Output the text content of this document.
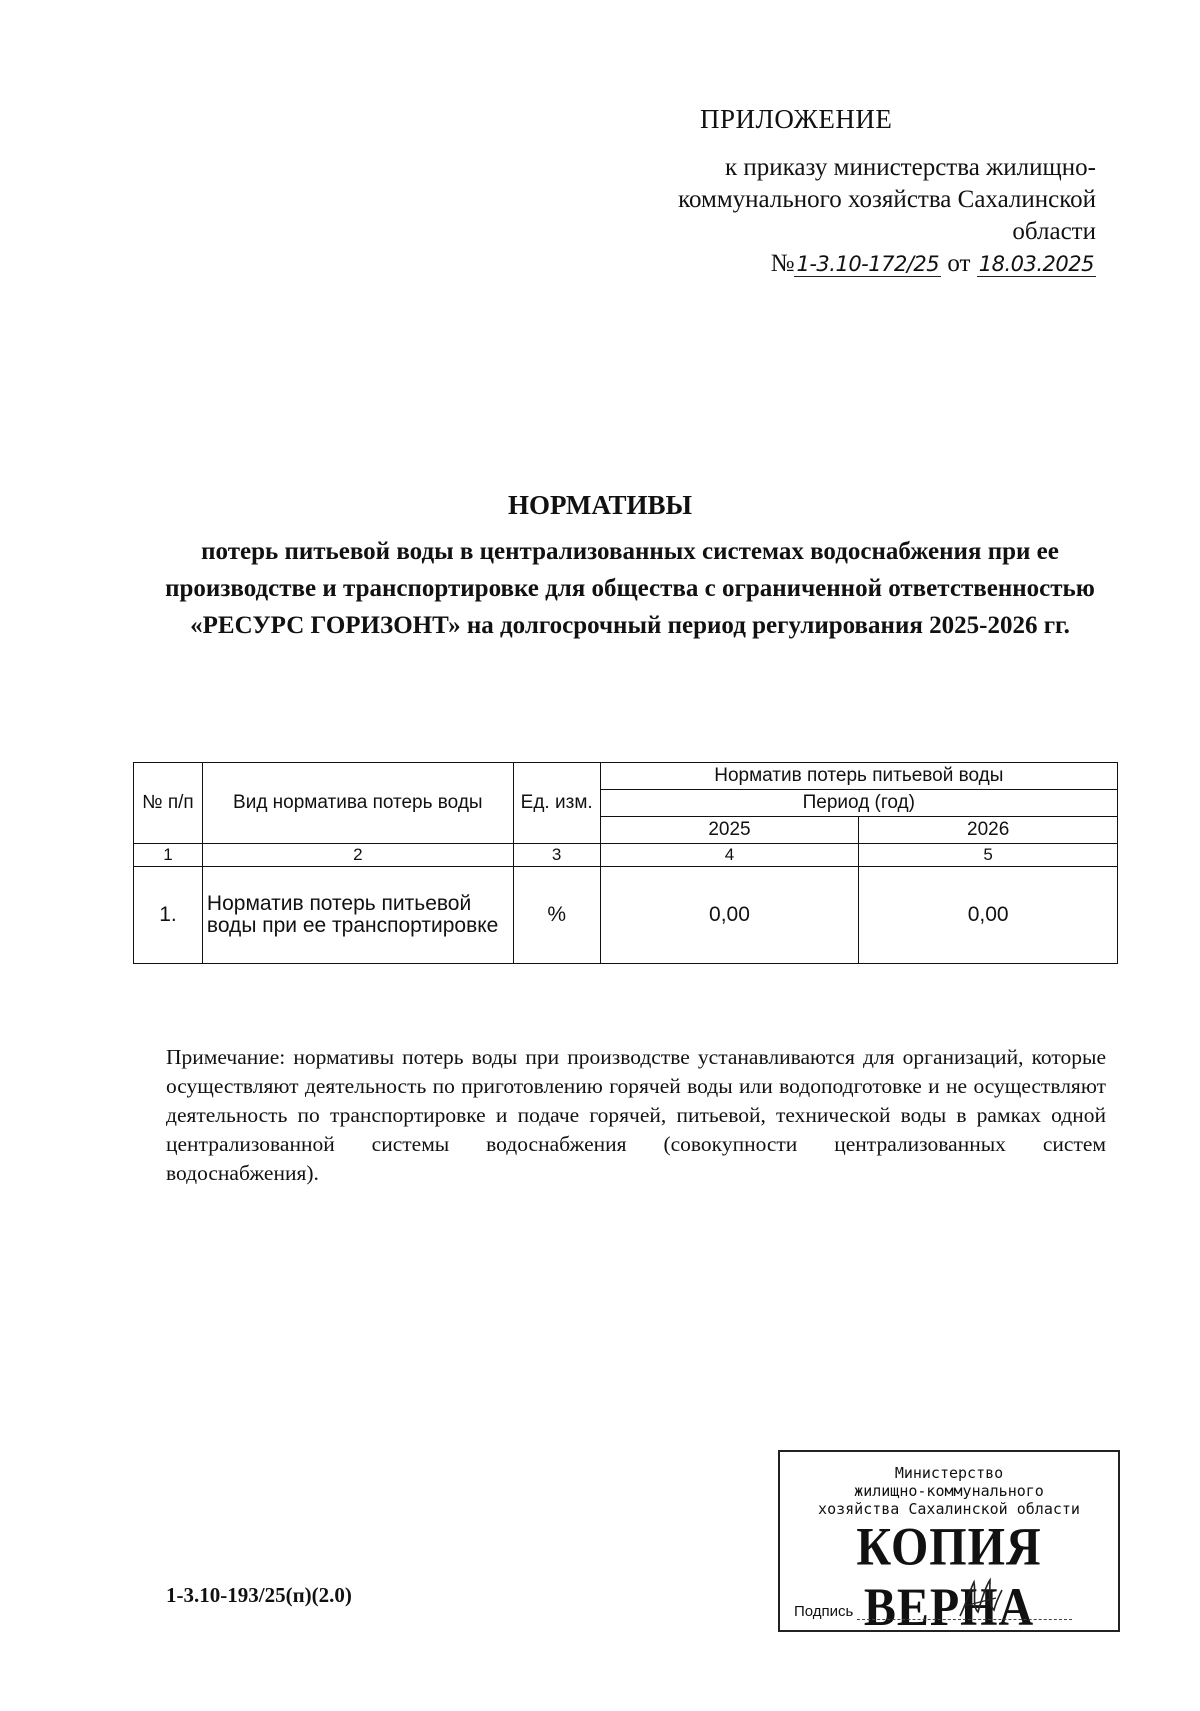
ПРИЛОЖЕНИЕ
к приказу министерства жилищно-
коммунального хозяйства Сахалинской
области
№1-3.10-172/25 от 18.03.2025
НОРМАТИВЫ
потерь питьевой воды в централизованных системах водоснабжения при ее производстве и транспортировке для общества с ограниченной ответственностью «РЕСУРС ГОРИЗОНТ» на долгосрочный период регулирования 2025-2026 гг.
№ п/п	Вид норматива потерь воды	Ед. изм.	Норматив потерь питьевой воды	
			Период (год)	
			2025	2026
1	2	3	4	5
1.	Норматив потерь питьевой воды при ее транспортировке	%	0,00	0,00
Примечание: нормативы потерь воды при производстве устанавливаются для организаций, которые осуществляют деятельность по приготовлению горячей воды или водоподготовке и не осуществляют деятельность по транспортировке и подаче горячей, питьевой, технической воды в рамках одной централизованной системы водоснабжения (совокупности централизованных систем водоснабжения).
1-3.10-193/25(п)(2.0)
Министерство
жилищно-коммунального
хозяйства Сахалинской области
КОПИЯ ВЕРНА
Подпись
